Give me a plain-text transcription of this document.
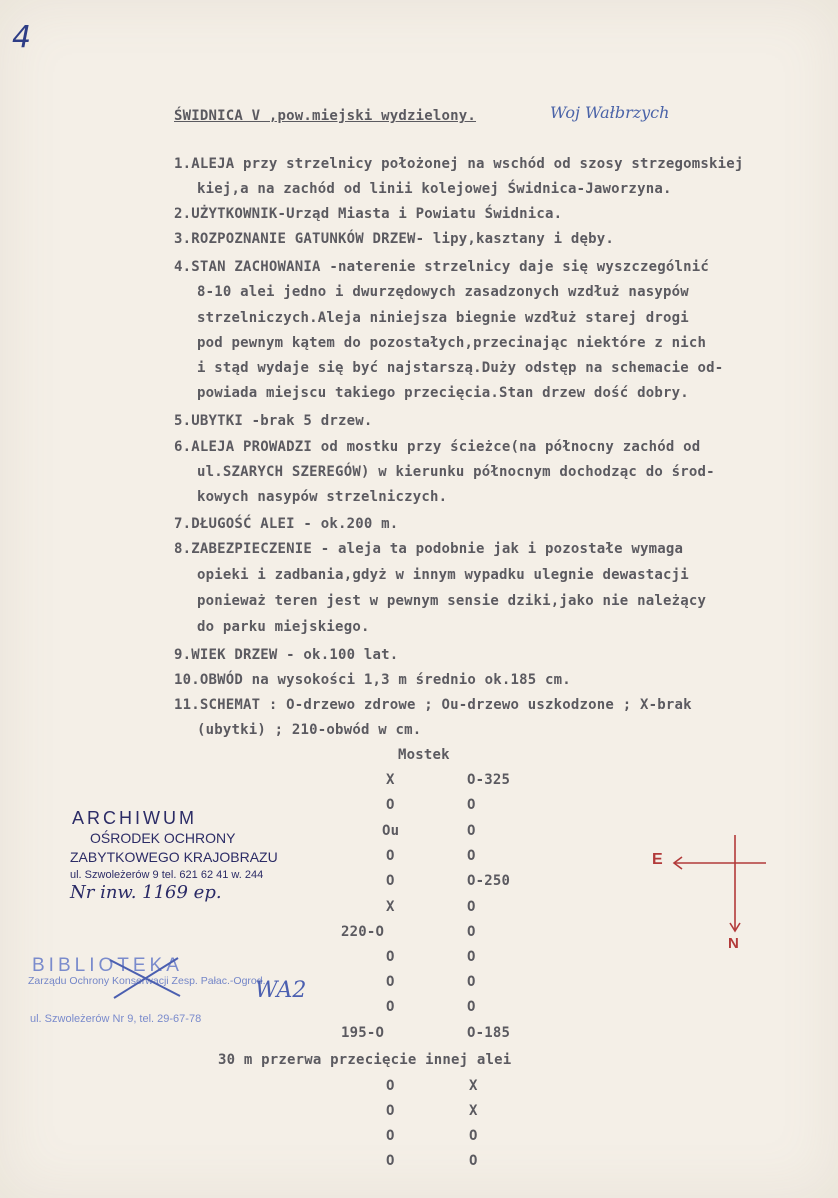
4
ŚWIDNICA V ,pow.miejski wydzielony.	Woj Wałbrzych
1.ALEJA przy strzelnicy położonej na wschód od szosy strzegomskiej
kiej,a na zachód od linii kolejowej Świdnica-Jaworzyna.
2.UŻYTKOWNIK-Urząd Miasta i Powiatu Świdnica.
3.ROZPOZNANIE GATUNKÓW DRZEW- lipy,kasztany i dęby.
4.STAN ZACHOWANIA -naterenie strzelnicy daje się wyszczególnić
8-10 alei jedno i dwurzędowych zasadzonych wzdłuż nasypów
strzelniczych.Aleja niniejsza biegnie wzdłuż starej drogi
pod pewnym kątem do pozostałych,przecinając niektóre z nich
i stąd wydaje się być najstarszą.Duży odstęp na schemacie od-
powiada miejscu takiego przecięcia.Stan drzew dość dobry.
5.UBYTKI -brak 5 drzew.
6.ALEJA PROWADZI od mostku przy ścieżce(na północny zachód od
ul.SZARYCH SZEREGÓW) w kierunku północnym dochodząc do środ-
kowych nasypów strzelniczych.
7.DŁUGOŚĆ ALEI - ok.200 m.
8.ZABEZPIECZENIE - aleja ta podobnie jak i pozostałe wymaga
opieki i zadbania,gdyż w innym wypadku ulegnie dewastacji
ponieważ teren jest w pewnym sensie dziki,jako nie należący
do parku miejskiego.
9.WIEK DRZEW - ok.100 lat.
10.OBWÓD na wysokości 1,3 m średnio ok.185 cm.
11.SCHEMAT : O-drzewo zdrowe ; Ou-drzewo uszkodzone ; X-brak
(ubytki) ; 210-obwód w cm.
Mostek
X	O-325
O	O
Ou	O
O	O
O	O-250
X	O
220-O	O
O	O
O	O
O	O
195-O	O-185
30 m przerwa przecięcie innej alei
O	X
O	X
O	O
O	O
E
N
ARCHIWUM
OŚRODEK OCHRONY
ZABYTKOWEGO KRAJOBRAZU
ul. Szwoleżerów 9 tel. 621 62 41 w. 244
Nr inw. 1169 ep.
BIBLIOTEKA
Zarządu Ochrony Konserwacji Zesp. Pałac.-Ogrod.
ul. Szwoleżerów Nr 9, tel. 29-67-78
WA2
